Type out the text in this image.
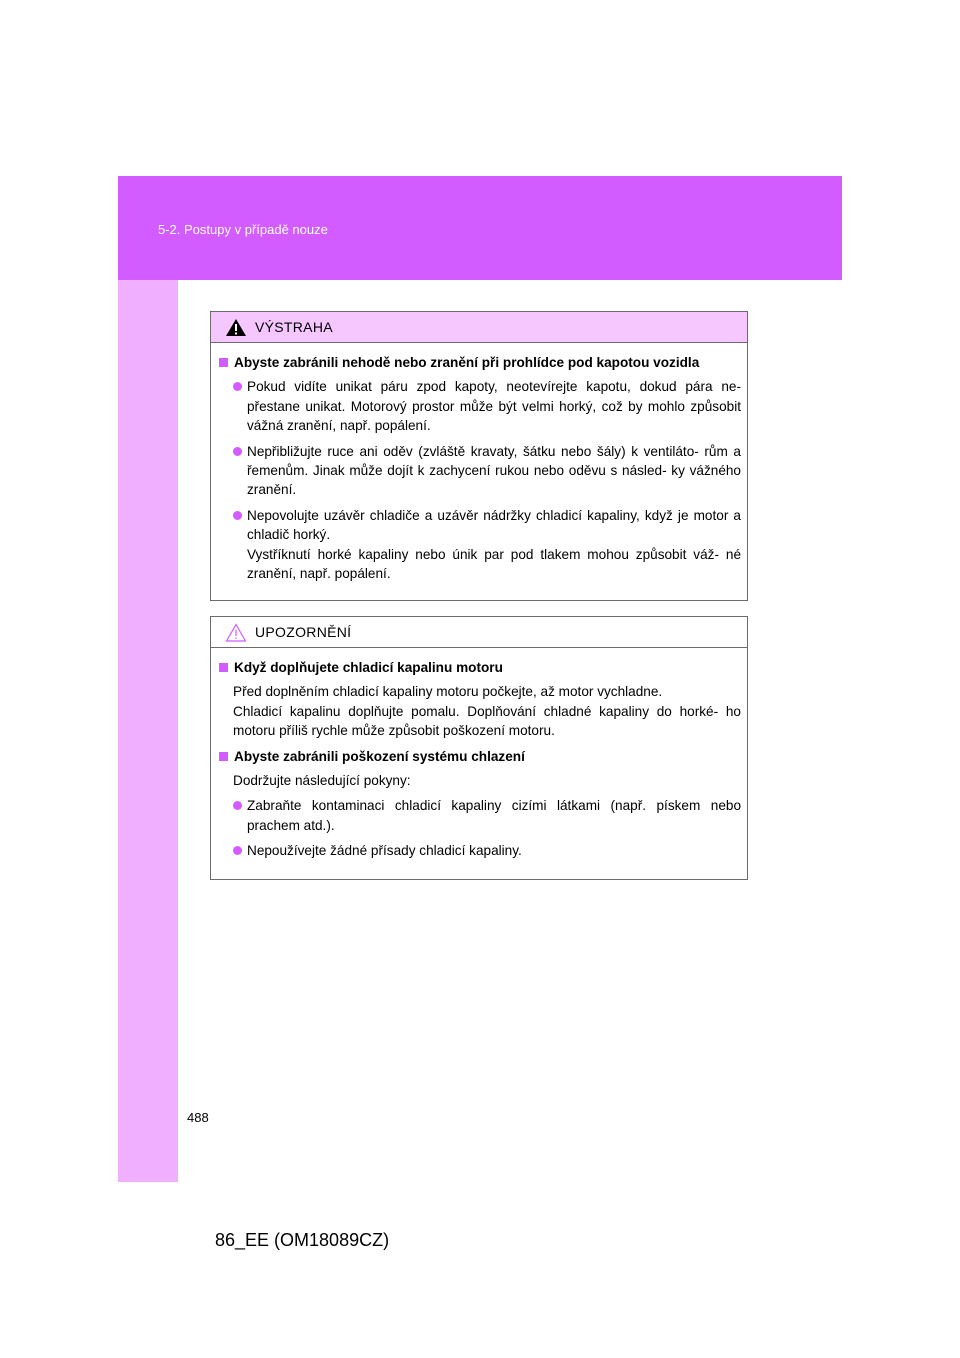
5-2. Postupy v případě nouze
VÝSTRAHA
Abyste zabránili nehodě nebo zranění při prohlídce pod kapotou vozidla
Pokud vidíte unikat páru zpod kapoty, neotevírejte kapotu, dokud pára ne- přestane unikat. Motorový prostor může být velmi horký, což by mohlo způsobit vážná zranění, např. popálení.
Nepřibližujte ruce ani oděv (zvláště kravaty, šátku nebo šály) k ventiláto- rům a řemenům. Jinak může dojít k zachycení rukou nebo oděvu s násled- ky vážného zranění.
Nepovolujte uzávěr chladiče a uzávěr nádržky chladicí kapaliny, když je motor a chladič horký.
Vystříknutí horké kapaliny nebo únik par pod tlakem mohou způsobit váž- né zranění, např. popálení.
UPOZORNĚNÍ
Když doplňujete chladicí kapalinu motoru
Před doplněním chladicí kapaliny motoru počkejte, až motor vychladne.
Chladicí kapalinu doplňujte pomalu. Doplňování chladné kapaliny do horké- ho motoru příliš rychle může způsobit poškození motoru.
Abyste zabránili poškození systému chlazení
Dodržujte následující pokyny:
Zabraňte kontaminaci chladicí kapaliny cizími látkami (např. pískem nebo prachem atd.).
Nepoužívejte žádné přísady chladicí kapaliny.
488
86_EE (OM18089CZ)
